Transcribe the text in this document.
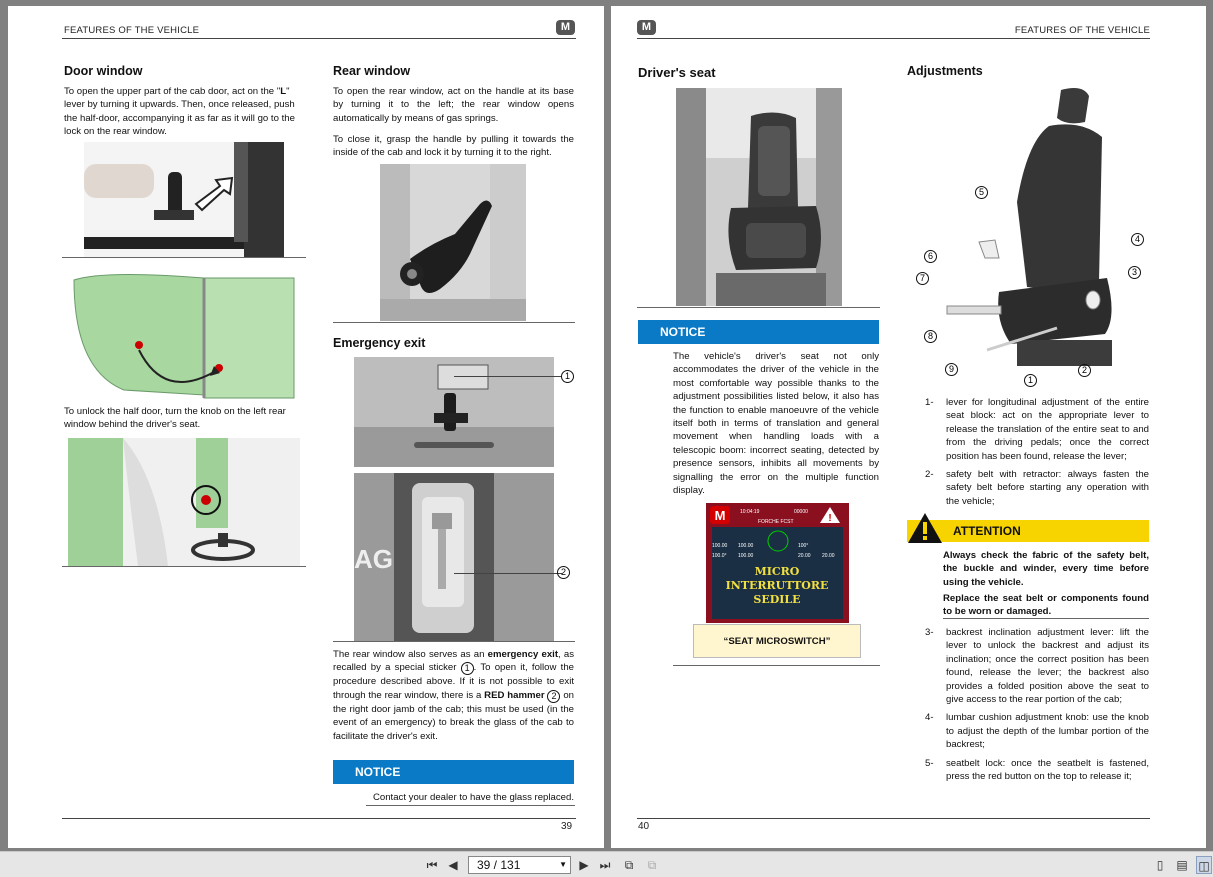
FEATURES OF THE VEHICLE	M
Door window
To open the upper part of the cab door, act on the "L" lever by turning it upwards. Then, once released, push the half-door, accompanying it as far as it will go to the lock on the rear window.
To unlock the half door, turn the knob on the left rear window behind the driver's seat.
Rear window
To open the rear window, act on the handle at its base by turning it to the left; the rear window opens automatically by means of gas springs.
To close it, grasp the handle by pulling it towards the inside of the cab and lock it by turning it to the right.
Emergency exit
AG
1
2
The rear window also serves as an emergency exit, as recalled by a special sticker 1 . To open it, follow the procedure described above. If it is not possible to exit through the rear window, there is a RED hammer 2 on the right door jamb of the cab; this must be used (in the event of an emergency) to break the glass of the cab to facilitate the driver's exit.
NOTICE
Contact your dealer to have the glass replaced.
39
M	FEATURES OF THE VEHICLE
Driver's seat
NOTICE
The vehicle's driver's seat not only accommodates the driver of the vehicle in the most comfortable way possible thanks to the adjustment possibilities listed below, it also has the function to enable manoeuvre of the vehicle itself both in terms of translation and general movement when handling loads with a telescopic boom: incorrect seating, detected by presence sensors, inhibits all movements by signalling the error on the multiple function display.
M	10:04:19	00000
FORCHE FCST	!
100.00 100.00
100.0° 100.00
100°
20.00 20.00
MICRO
INTERRUTTORE
SEDILE
“SEAT MICROSWITCH”
Adjustments
5
4
3
6
7
8
9
1
2
1- lever for longitudinal adjustment of the entire seat block: act on the appropriate lever to release the translation of the entire seat to and from the driving pedals; once the correct position has been found, release the lever;
2- safety belt with retractor: always fasten the safety belt before starting any operation with the vehicle;
ATTENTION
Always check the fabric of the safety belt, the buckle and winder, every time before using the vehicle.
Replace the seat belt or components found to be worn or damaged.
3- backrest inclination adjustment lever: lift the lever to unlock the backrest and adjust its inclination; once the correct position has been found, release the lever; the backrest also provides a folded position above the seat to give access to the rear portion of the cab;
4- lumbar cushion adjustment knob: use the knob to adjust the depth of the lumbar portion of the backrest;
5- seatbelt lock: once the seatbelt is fastened, press the red button on the top to release it;
40
⏮ ◀	39 / 131	▼ ▶ ⏭	⧉	⧉	▯	▤ ◫
